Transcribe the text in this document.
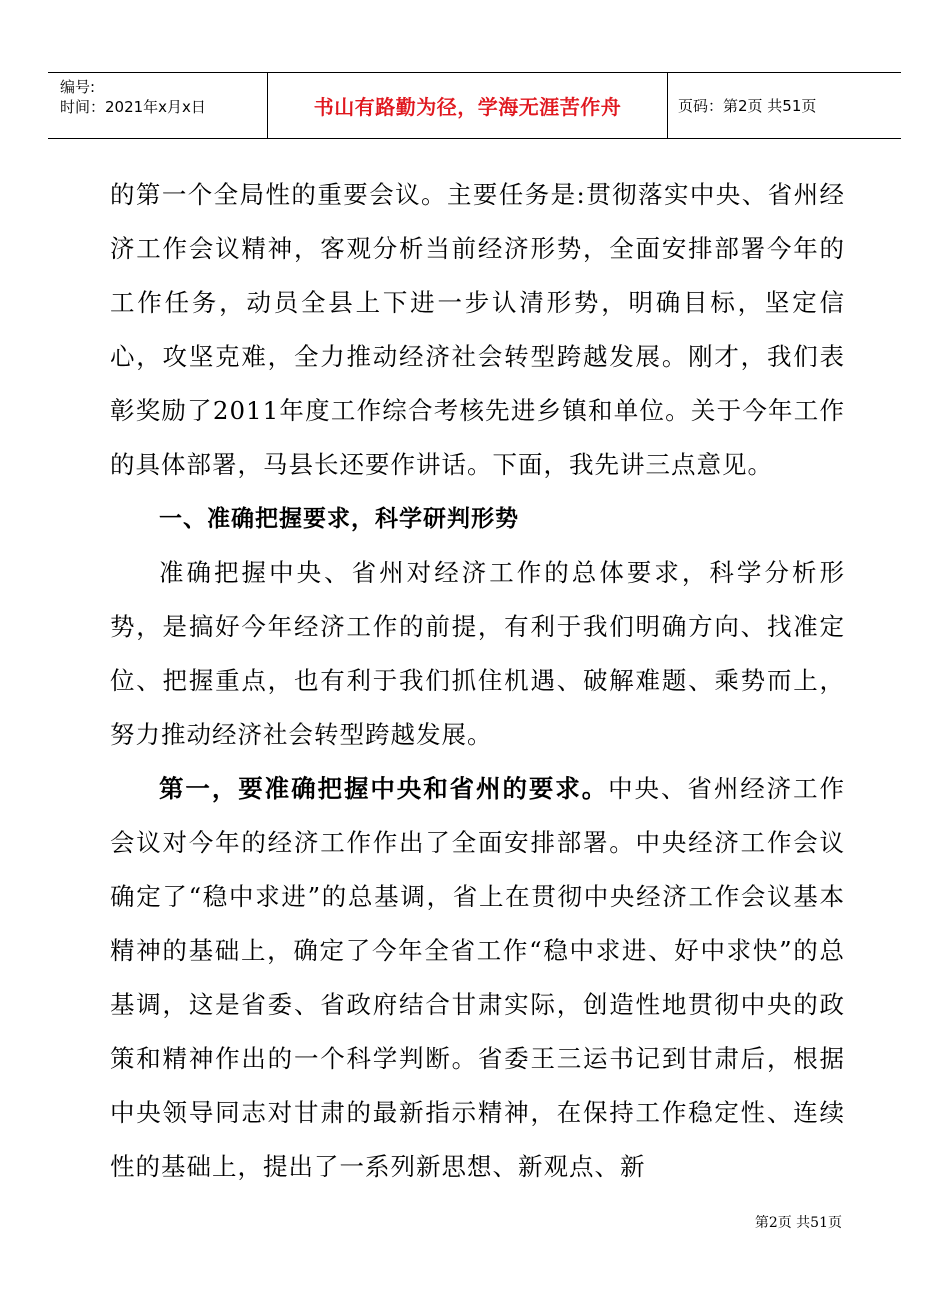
编号:
时间：2021年x月x日	书山有路勤为径，学海无涯苦作舟	页码：第2页 共51页

的第一个全局性的重要会议。主要任务是:贯彻落实中央、省州经济工作会议精神，客观分析当前经济形势，全面安排部署今年的工作任务，动员全县上下进一步认清形势，明确目标，坚定信心，攻坚克难，全力推动经济社会转型跨越发展。刚才，我们表彰奖励了2011年度工作综合考核先进乡镇和单位。关于今年工作的具体部署，马县长还要作讲话。下面，我先讲三点意见。

一、准确把握要求，科学研判形势

准确把握中央、省州对经济工作的总体要求，科学分析形势，是搞好今年经济工作的前提，有利于我们明确方向、找准定位、把握重点，也有利于我们抓住机遇、破解难题、乘势而上，努力推动经济社会转型跨越发展。

第一，要准确把握中央和省州的要求。中央、省州经济工作会议对今年的经济工作作出了全面安排部署。中央经济工作会议确定了“稳中求进”的总基调，省上在贯彻中央经济工作会议基本精神的基础上，确定了今年全省工作“稳中求进、好中求快”的总基调，这是省委、省政府结合甘肃实际，创造性地贯彻中央的政策和精神作出的一个科学判断。省委王三运书记到甘肃后，根据中央领导同志对甘肃的最新指示精神，在保持工作稳定性、连续性的基础上，提出了一系列新思想、新观点、新

第2页 共51页
